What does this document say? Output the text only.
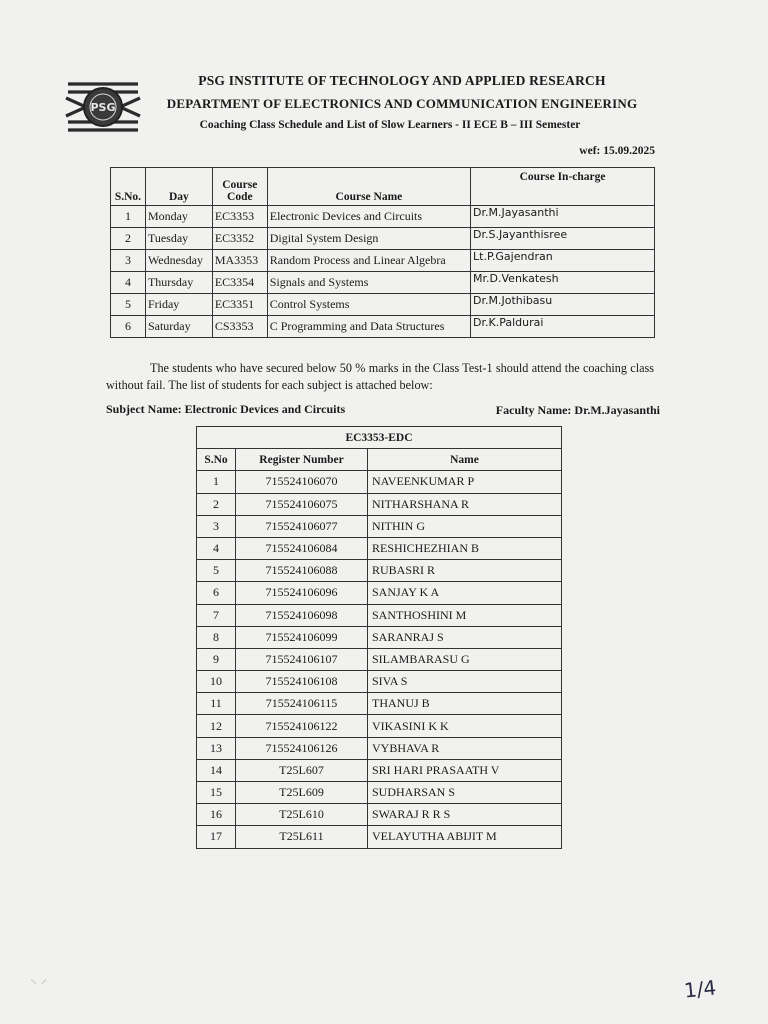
PSG
PSG INSTITUTE OF TECHNOLOGY AND APPLIED RESEARCH
DEPARTMENT OF ELECTRONICS AND COMMUNICATION ENGINEERING
Coaching Class Schedule and List of Slow Learners - II ECE B – III Semester
wef: 15.09.2025
S.No.	Day	Course Code	Course Name	Course In-charge
1	Monday	EC3353	Electronic Devices and Circuits	Dr.M.Jayasanthi
2	Tuesday	EC3352	Digital System Design	Dr.S.Jayanthisree
3	Wednesday	MA3353	Random Process and Linear Algebra	Lt.P.Gajendran
4	Thursday	EC3354	Signals and Systems	Mr.D.Venkatesh
5	Friday	EC3351	Control Systems	Dr.M.Jothibasu
6	Saturday	CS3353	C Programming and Data Structures	Dr.K.Paldurai
The students who have secured below 50 % marks in the Class Test-1 should attend the coaching class without fail. The list of students for each subject is attached below:
Subject Name: Electronic Devices and Circuits	Faculty Name: Dr.M.Jayasanthi
EC3353-EDC		
S.No	Register Number	Name
1	715524106070	NAVEENKUMAR P
2	715524106075	NITHARSHANA R
3	715524106077	NITHIN G
4	715524106084	RESHICHEZHIAN B
5	715524106088	RUBASRI R
6	715524106096	SANJAY K A
7	715524106098	SANTHOSHINI M
8	715524106099	SARANRAJ S
9	715524106107	SILAMBARASU G
10	715524106108	SIVA S
11	715524106115	THANUJ B
12	715524106122	VIKASINI K K
13	715524106126	VYBHAVA R
14	T25L607	SRI HARI PRASAATH V
15	T25L609	SUDHARSAN S
16	T25L610	SWARAJ R R S
17	T25L611	VELAYUTHA ABIJIT M
⸌ ⸍	1/4
